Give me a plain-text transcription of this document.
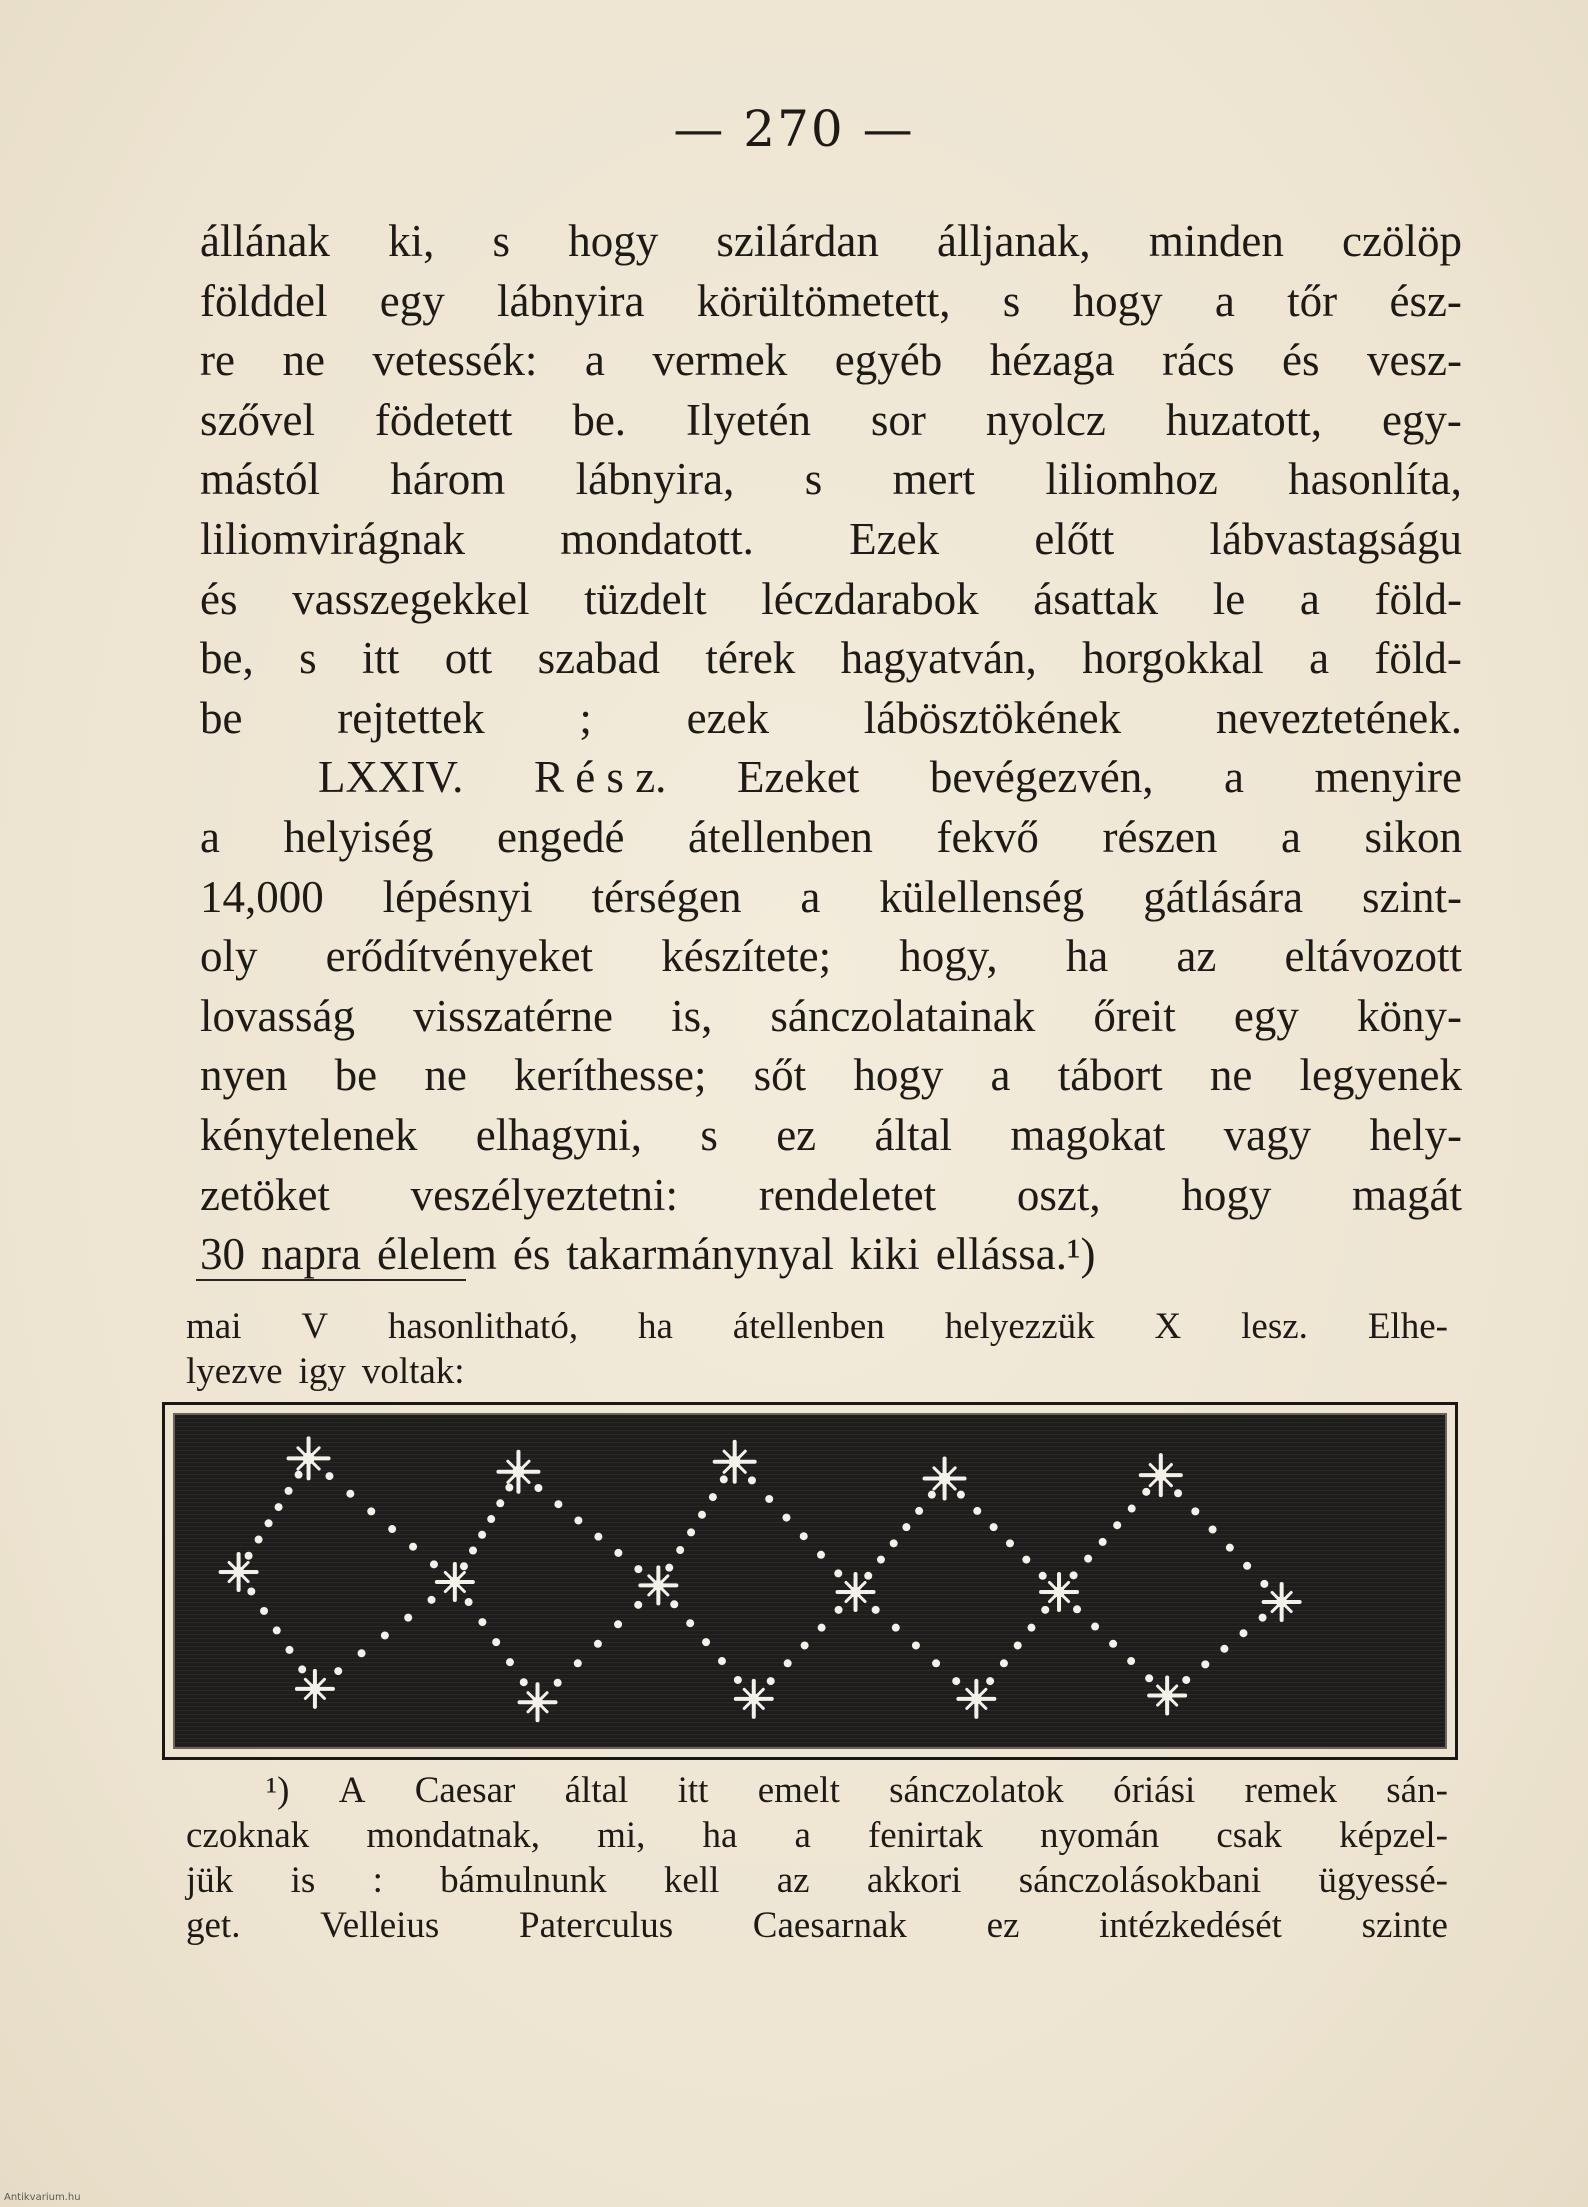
— 270 —
állának ki, s hogy szilárdan álljanak, minden czölöp
földdel egy lábnyira körültömetett, s hogy a tőr ész-
re ne vetessék: a vermek egyéb hézaga rács és vesz-
szővel födetett be. Ilyetén sor nyolcz huzatott, egy-
mástól három lábnyira, s mert liliomhoz hasonlíta,
liliomvirágnak mondatott. Ezek előtt lábvastagságu
és vasszegekkel tüzdelt léczdarabok ásattak le a föld-
be, s itt ott szabad térek hagyatván, horgokkal a föld-
be rejtettek ; ezek lábösztökének neveztetének.
LXXIV. R é s z. Ezeket bevégezvén, a menyire
a helyiség engedé átellenben fekvő részen a sikon
14,000 lépésnyi térségen a külellenség gátlására szint-
oly erődítvényeket készítete; hogy, ha az eltávozott
lovasság visszatérne is, sánczolatainak őreit egy köny-
nyen be ne keríthesse; sőt hogy a tábort ne legyenek
kénytelenek elhagyni, s ez által magokat vagy hely-
zetöket veszélyeztetni: rendeletet oszt, hogy magát
30 napra élelem és takarmánynyal kiki ellássa.¹)
mai V hasonlitható, ha átellenben helyezzük X lesz. Elhe-
lyezve igy voltak:
¹) A Caesar által itt emelt sánczolatok óriási remek sán-
czoknak mondatnak, mi, ha a fenirtak nyomán csak képzel-
jük is : bámulnunk kell az akkori sánczolásokbani ügyessé-
get. Velleius Paterculus Caesarnak ez intézkedését szinte
Antikvarium.hu
